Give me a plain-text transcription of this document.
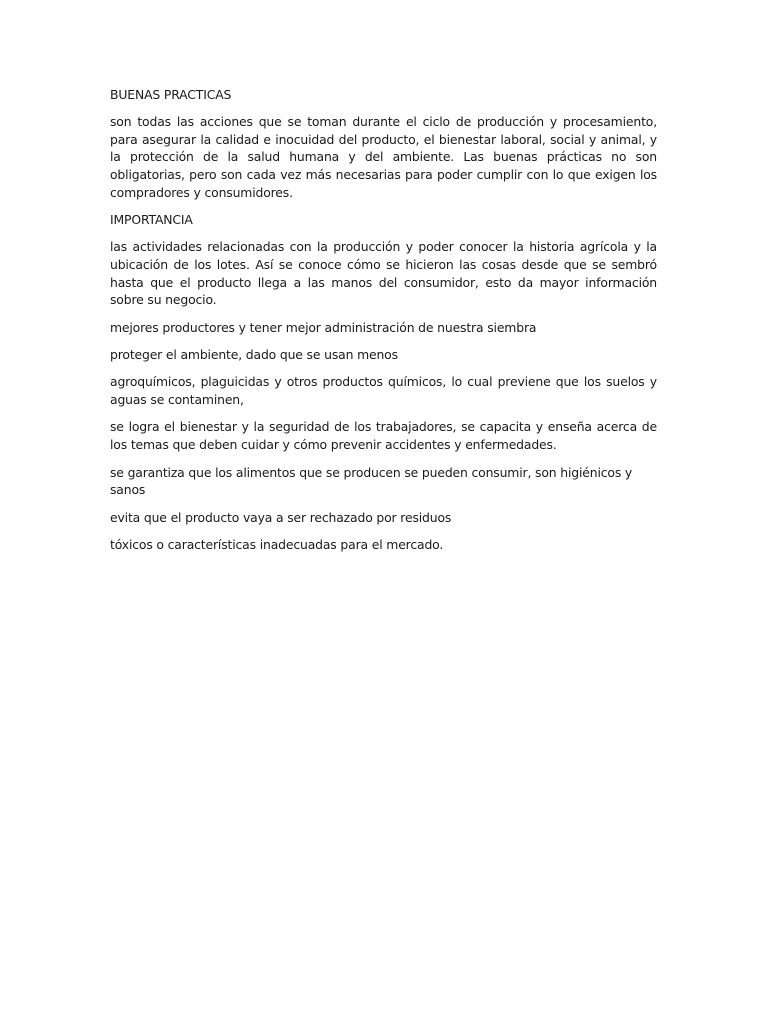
BUENAS PRACTICAS

son todas las acciones que se toman durante el ciclo de producción y procesamiento, para asegurar la calidad e inocuidad del producto, el bienestar laboral, social y animal, y la protección de la salud humana y del ambiente. Las buenas prácticas no son obligatorias, pero son cada vez más necesarias para poder cumplir con lo que exigen los compradores y consumidores.

IMPORTANCIA

las actividades relacionadas con la producción y poder conocer la historia agrícola y la ubicación de los lotes. Así se conoce cómo se hicieron las cosas desde que se sembró hasta que el producto llega a las manos del consumidor, esto da mayor información sobre su negocio.

mejores productores y tener mejor administración de nuestra siembra

proteger el ambiente, dado que se usan menos

agroquímicos, plaguicidas y otros productos químicos, lo cual previene que los suelos y aguas se contaminen,

se logra el bienestar y la seguridad de los trabajadores, se capacita y enseña acerca de los temas que deben cuidar y cómo prevenir accidentes y enfermedades.

se garantiza que los alimentos que se producen se pueden consumir, son higiénicos y sanos

evita que el producto vaya a ser rechazado por residuos

tóxicos o características inadecuadas para el mercado.
